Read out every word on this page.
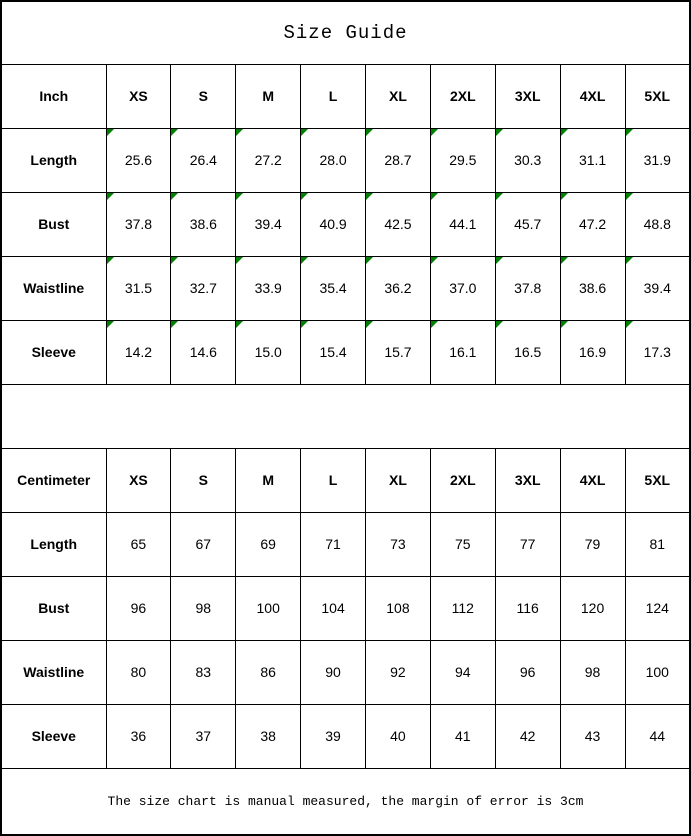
Size Guide									
Inch	XS	S	M	L	XL	2XL	3XL	4XL	5XL
Length	25.6	26.4	27.2	28.0	28.7	29.5	30.3	31.1	31.9
Bust	37.8	38.6	39.4	40.9	42.5	44.1	45.7	47.2	48.8
Waistline	31.5	32.7	33.9	35.4	36.2	37.0	37.8	38.6	39.4
Sleeve	14.2	14.6	15.0	15.4	15.7	16.1	16.5	16.9	17.3

Centimeter	XS	S	M	L	XL	2XL	3XL	4XL	5XL
Length	65	67	69	71	73	75	77	79	81
Bust	96	98	100	104	108	112	116	120	124
Waistline	80	83	86	90	92	94	96	98	100
Sleeve	36	37	38	39	40	41	42	43	44
The size chart is manual measured, the margin of error is 3cm									
